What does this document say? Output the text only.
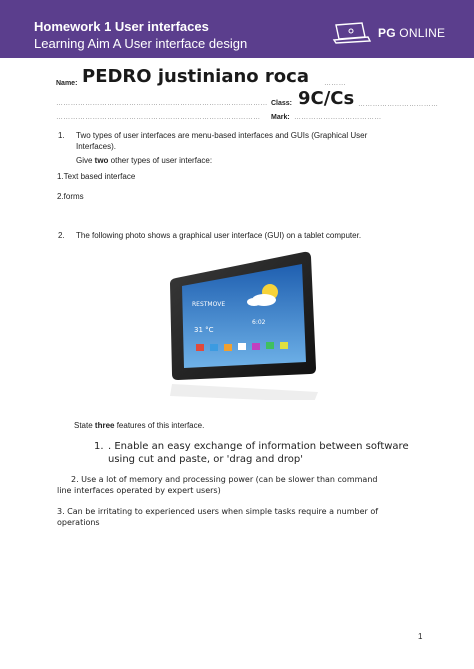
Homework 1 User interfaces
Learning Aim A User interface design
PG ONLINE
Name: PEDRO justiniano roca ………
…………………………………………………………………………… Class: 9C/Cs ……………………………
………………………………………………………………………… Mark: ………………………………
1. Two types of user interfaces are menu-based interfaces and GUIs (Graphical User
Interfaces).
Give two other types of user interface:
1.Text based interface
2.forms
2. The following photo shows a graphical user interface (GUI) on a tablet computer.
RESTMOVE
31 °C
6:02
State three features of this interface.
1. . Enable an easy exchange of information between software
using cut and paste, or 'drag and drop'
2. Use a lot of memory and processing power (can be slower than command
line interfaces operated by expert users)
3. Can be irritating to experienced users when simple tasks require a number of
operations
1
